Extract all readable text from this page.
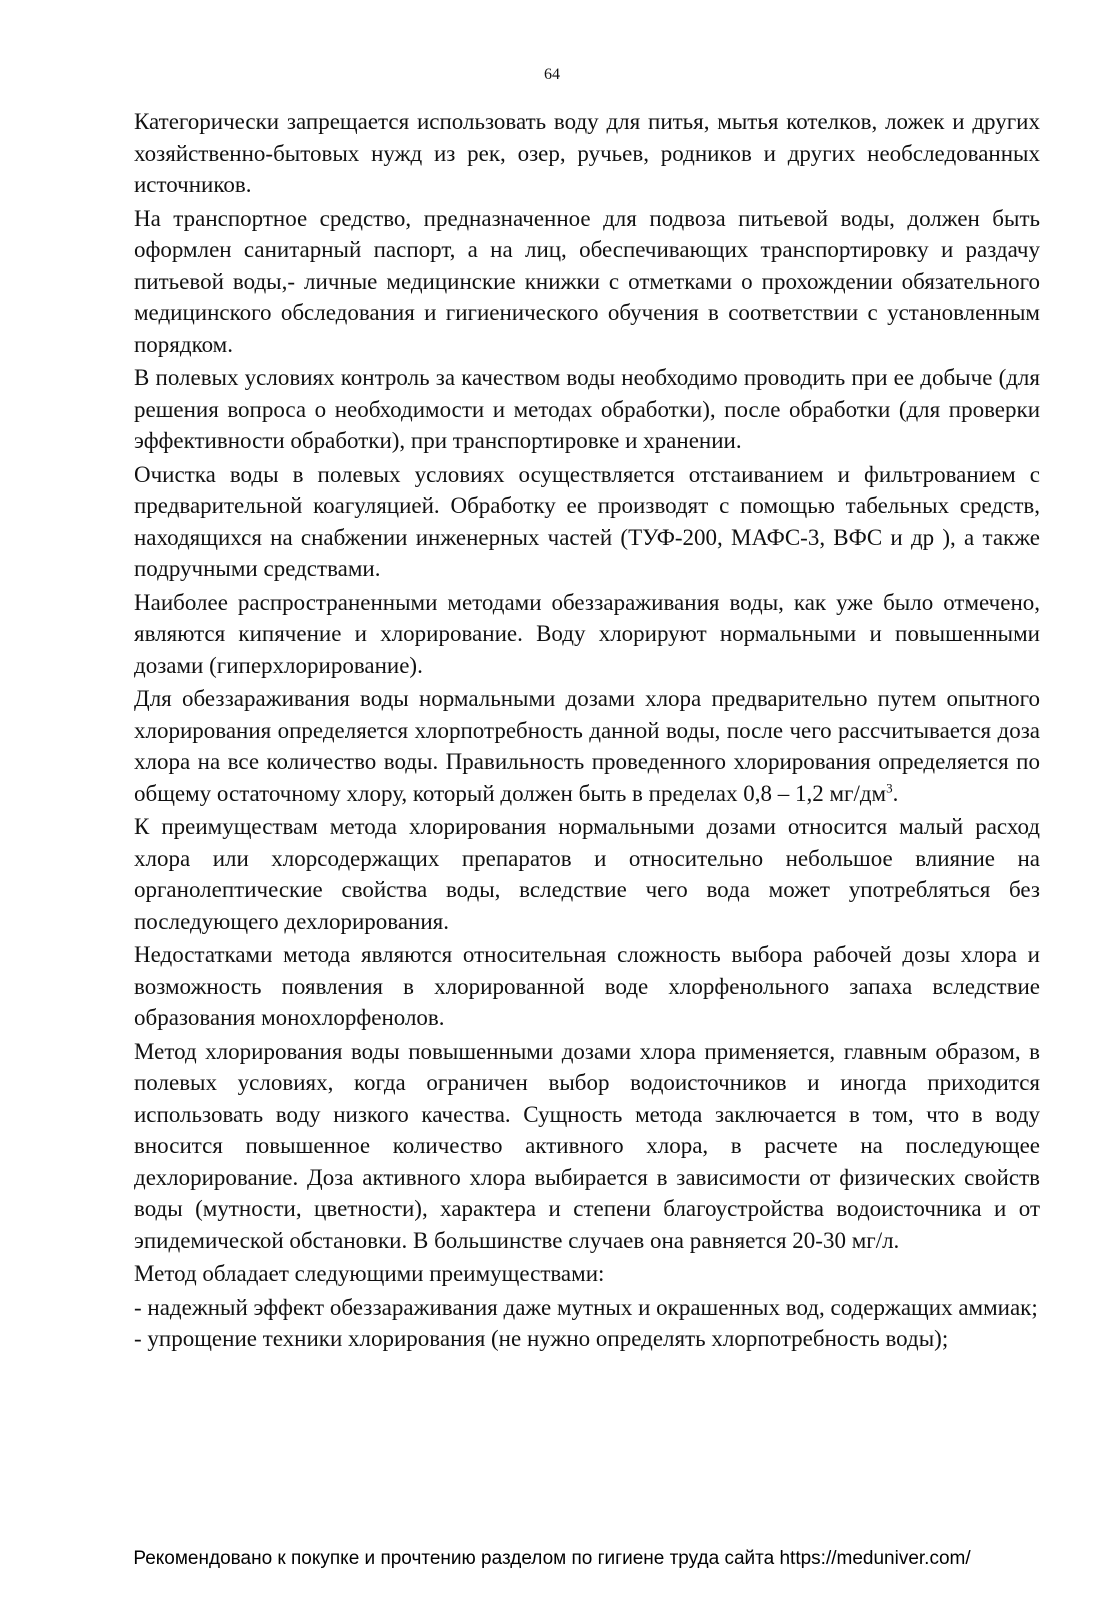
64

Категорически запрещается использовать воду для питья, мытья котелков, ложек и других хозяйственно-бытовых нужд из рек, озер, ручьев, родников и других необследованных источников.

На транспортное средство, предназначенное для подвоза питьевой воды, должен быть оформлен санитарный паспорт, а на лиц, обеспечивающих транспортировку и раздачу питьевой воды,- личные медицинские книжки с отметками о прохождении обязательного медицинского обследования и гигиенического обучения в соответствии с установленным порядком.

В полевых условиях контроль за качеством воды необходимо проводить при ее добыче (для решения вопроса о необходимости и методах обработки), после обработки (для проверки эффективности обработки), при транспортировке и хранении.

Очистка воды в полевых условиях осуществляется отстаиванием и фильтрованием с предварительной коагуляцией. Обработку ее производят с помощью табельных средств, находящихся на снабжении инженерных частей (ТУФ-200, МАФС-3, ВФС и др ), а также подручными средствами.

Наиболее распространенными методами обеззараживания воды, как уже было отмечено, являются кипячение и хлорирование. Воду хлорируют нормальными и повышенными дозами (гиперхлорирование).

Для обеззараживания воды нормальными дозами хлора предварительно путем опытного хлорирования определяется хлорпотребность данной воды, после чего рассчитывается доза хлора на все количество воды. Правильность проведенного хлорирования определяется по общему остаточному хлору, который должен быть в пределах 0,8 – 1,2 $мг/дм^3$.

К преимуществам метода хлорирования нормальными дозами относится малый расход хлора или хлорсодержащих препаратов и относительно небольшое влияние на органолептические свойства воды, вследствие чего вода может употребляться без последующего дехлорирования.

Недостатками метода являются относительная сложность выбора рабочей дозы хлора и возможность появления в хлорированной воде хлорфенольного запаха вследствие образования монохлорфенолов.

Метод хлорирования воды повышенными дозами хлора применяется, главным образом, в полевых условиях, когда ограничен выбор водоисточников и иногда приходится использовать воду низкого качества. Сущность метода заключается в том, что в воду вносится повышенное количество активного хлора, в расчете на последующее дехлорирование. Доза активного хлора выбирается в зависимости от физических свойств воды (мутности, цветности), характера и степени благоустройства водоисточника и от эпидемической обстановки. В большинстве случаев она равняется 20-30 мг/л.

Метод обладает следующими преимуществами:

- надежный эффект обеззараживания даже мутных и окрашенных вод, содержащих аммиак;

- упрощение техники хлорирования (не нужно определять хлорпотребность воды);

Рекомендовано к покупке и прочтению разделом по гигиене труда сайта https://meduniver.com/
